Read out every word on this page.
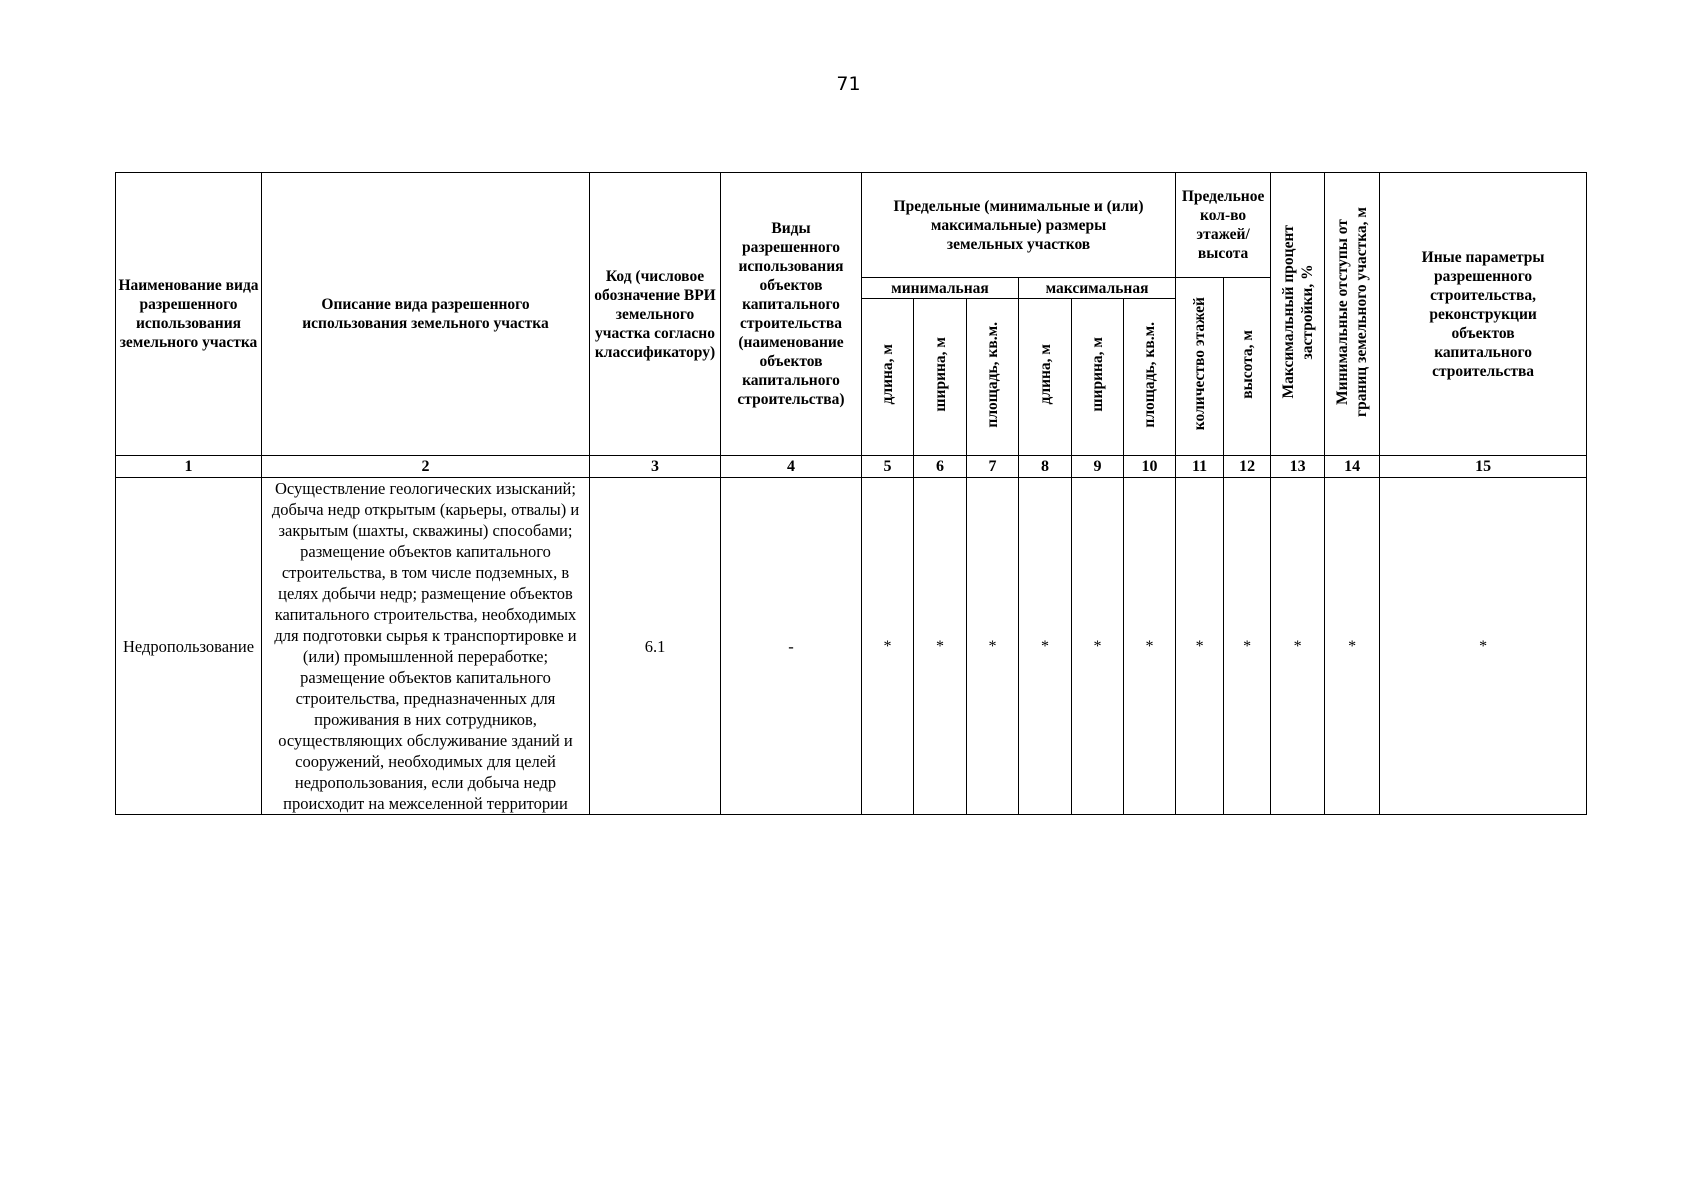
71
Наименование вида разрешенного использования земельного участка	Описание вида разрешенного использования земельного участка	Код (числовое обозначение ВРИ земельного участка согласно классификатору)	Виды разрешенного использования объектов капитального строительства (наименование объектов капитального строительства)	Предельные (минимальные и (или) максимальные) размеры земельных участков						Предельное кол-во этажей/ высота		Максимальный процент застройки, %	Минимальные отступы от границ земельного участка, м	Иные параметры разрешенного строительства, реконструкции объектов капитального строительства
				минимальная			максимальная			количество этажей	высота, м			
				длина, м	ширина, м	площадь, кв.м.	длина, м	ширина, м	площадь, кв.м.					
1	2	3	4	5	6	7	8	9	10	11	12	13	14	15
Недропользование	Осуществление геологических изысканий; добыча недр открытым (карьеры, отвалы) и закрытым (шахты, скважины) способами; размещение объектов капитального строительства, в том числе подземных, в целях добычи недр; размещение объектов капитального строительства, необходимых для подготовки сырья к транспортировке и (или) промышленной переработке; размещение объектов капитального строительства, предназначенных для проживания в них сотрудников, осуществляющих обслуживание зданий и сооружений, необходимых для целей недропользования, если добыча недр происходит на межселенной территории	6.1	-	*	*	*	*	*	*	*	*	*	*	*
